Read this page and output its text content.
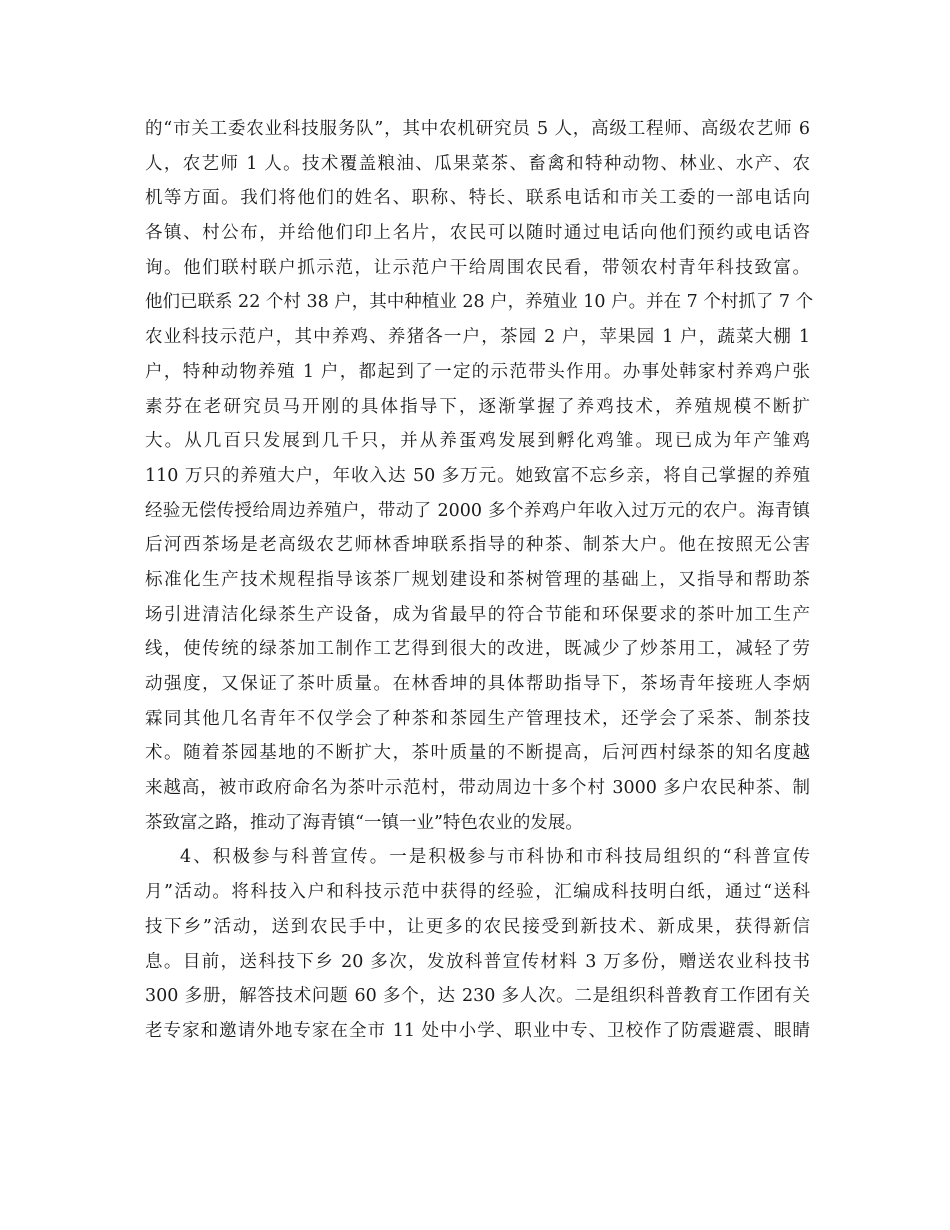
的“市关工委农业科技服务队”，其中农机研究员 5 人，高级工程师、高级农艺师 6
人，农艺师 1 人。技术覆盖粮油、瓜果菜茶、畜禽和特种动物、林业、水产、农
机等方面。我们将他们的姓名、职称、特长、联系电话和市关工委的一部电话向
各镇、村公布，并给他们印上名片，农民可以随时通过电话向他们预约或电话咨
询。他们联村联户抓示范，让示范户干给周围农民看，带领农村青年科技致富。
他们已联系 22 个村 38 户，其中种植业 28 户，养殖业 10 户。并在 7 个村抓了 7 个
农业科技示范户，其中养鸡、养猪各一户，茶园 2 户，苹果园 1 户，蔬菜大棚 1
户，特种动物养殖 1 户，都起到了一定的示范带头作用。办事处韩家村养鸡户张
素芬在老研究员马开刚的具体指导下，逐渐掌握了养鸡技术，养殖规模不断扩
大。从几百只发展到几千只，并从养蛋鸡发展到孵化鸡雏。现已成为年产雏鸡
110 万只的养殖大户，年收入达 50 多万元。她致富不忘乡亲，将自己掌握的养殖
经验无偿传授给周边养殖户，带动了 2000 多个养鸡户年收入过万元的农户。海青镇
后河西茶场是老高级农艺师林香坤联系指导的种茶、制茶大户。他在按照无公害
标准化生产技术规程指导该茶厂规划建设和茶树管理的基础上，又指导和帮助茶
场引进清洁化绿茶生产设备，成为省最早的符合节能和环保要求的茶叶加工生产
线，使传统的绿茶加工制作工艺得到很大的改进，既减少了炒茶用工，减轻了劳
动强度，又保证了茶叶质量。在林香坤的具体帮助指导下，茶场青年接班人李炳
霖同其他几名青年不仅学会了种茶和茶园生产管理技术，还学会了采茶、制茶技
术。随着茶园基地的不断扩大，茶叶质量的不断提高，后河西村绿茶的知名度越
来越高，被市政府命名为茶叶示范村，带动周边十多个村 3000 多户农民种茶、制
茶致富之路，推动了海青镇“一镇一业”特色农业的发展。
4、积极参与科普宣传。一是积极参与市科协和市科技局组织的“科普宣传
月”活动。将科技入户和科技示范中获得的经验，汇编成科技明白纸，通过“送科
技下乡”活动，送到农民手中，让更多的农民接受到新技术、新成果，获得新信
息。目前，送科技下乡 20 多次，发放科普宣传材料 3 万多份，赠送农业科技书
300 多册，解答技术问题 60 多个，达 230 多人次。二是组织科普教育工作团有关
老专家和邀请外地专家在全市 11 处中小学、职业中专、卫校作了防震避震、眼睛
